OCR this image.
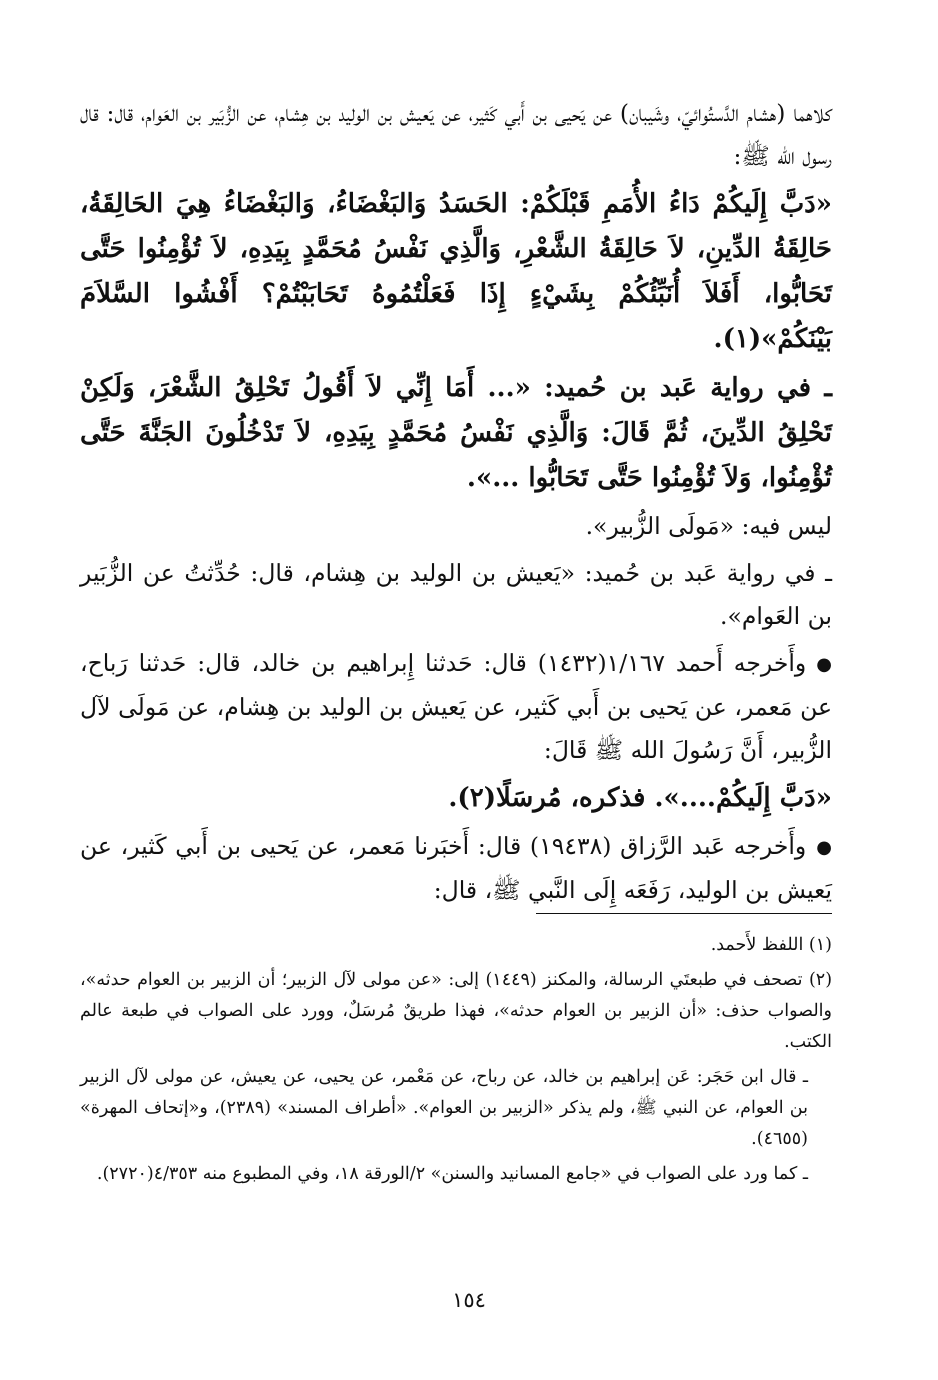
كلاهما (هشام الدَّستُوائيّ، وشَيبان) عن يَحيى بن أَبي كَثير، عن يَعيش بن الوليد بن هِشام، عن الزُّبَير بن العَوام، قال: قال رسول الله ﷺ:

«دَبَّ إِلَيكُمْ دَاءُ الأُمَمِ قَبْلَكُمْ: الحَسَدُ وَالبَغْضَاءُ، وَالبَغْضَاءُ هِيَ الحَالِقَةُ، حَالِقَةُ الدِّينِ، لاَ حَالِقَةُ الشَّعْرِ، وَالَّذِي نَفْسُ مُحَمَّدٍ بِيَدِهِ، لاَ تُؤْمِنُوا حَتَّى تَحَابُّوا، أَفَلاَ أُنَبِّئُكُمْ بِشَيْءٍ إِذَا فَعَلْتُمُوهُ تَحَابَبْتُمْ؟ أَفْشُوا السَّلاَمَ بَيْنَكُمْ»(١).

ـ في رواية عَبد بن حُميد: «... أَمَا إِنِّي لاَ أَقُولُ تَحْلِقُ الشَّعْرَ، وَلَكِنْ تَحْلِقُ الدِّينَ، ثُمَّ قَالَ: وَالَّذِي نَفْسُ مُحَمَّدٍ بِيَدِهِ، لاَ تَدْخُلُونَ الجَنَّةَ حَتَّى تُؤْمِنُوا، وَلاَ تُؤْمِنُوا حَتَّى تَحَابُّوا ...».

ليس فيه: «مَولَى الزُّبير».

ـ في رواية عَبد بن حُميد: «يَعيش بن الوليد بن هِشام، قال: حُدِّثتُ عن الزُّبَير بن العَوام».

●وأَخرجه أَحمد ١/١٦٧(١٤٣٢) قال: حَدثنا إِبراهيم بن خالد، قال: حَدثنا رَباح، عن مَعمر، عن يَحيى بن أَبي كَثير، عن يَعيش بن الوليد بن هِشام، عن مَولَى لآل الزُّبير، أَنَّ رَسُولَ الله ﷺ قَالَ:

«دَبَّ إِلَيكُمْ....». فذكره، مُرسَلًا(٢).

●وأَخرجه عَبد الرَّزاق (١٩٤٣٨) قال: أَخبَرنا مَعمر، عن يَحيى بن أَبي كَثير، عن يَعيش بن الوليد، رَفَعَه إِلَى النَّبي ﷺ، قال:

(١) اللفظ لأَحمد.

(٢) تصحف في طبعتَي الرسالة، والمكنز (١٤٤٩) إلى: «عن مولى لآل الزبير؛ أن الزبير بن العوام حدثه»، والصواب حذف: «أن الزبير بن العوام حدثه»، فهذا طريقٌ مُرسَلٌ، وورد على الصواب في طبعة عالم الكتب.

ـ قال ابن حَجَر: عَن إبراهيم بن خالد، عن رباح، عن مَعْمر، عن يحيى، عن يعيش، عن مولى لآل الزبير بن العوام، عن النبي ﷺ، ولم يذكر «الزبير بن العوام». «أطراف المسند» (٢٣٨٩)، و«إتحاف المهرة» (٤٦٥٥).

ـ كما ورد على الصواب في «جامع المسانيد والسنن» ٢/الورقة ١٨، وفي المطبوع منه ٤/٣٥٣(٢٧٢٠).

١٥٤
